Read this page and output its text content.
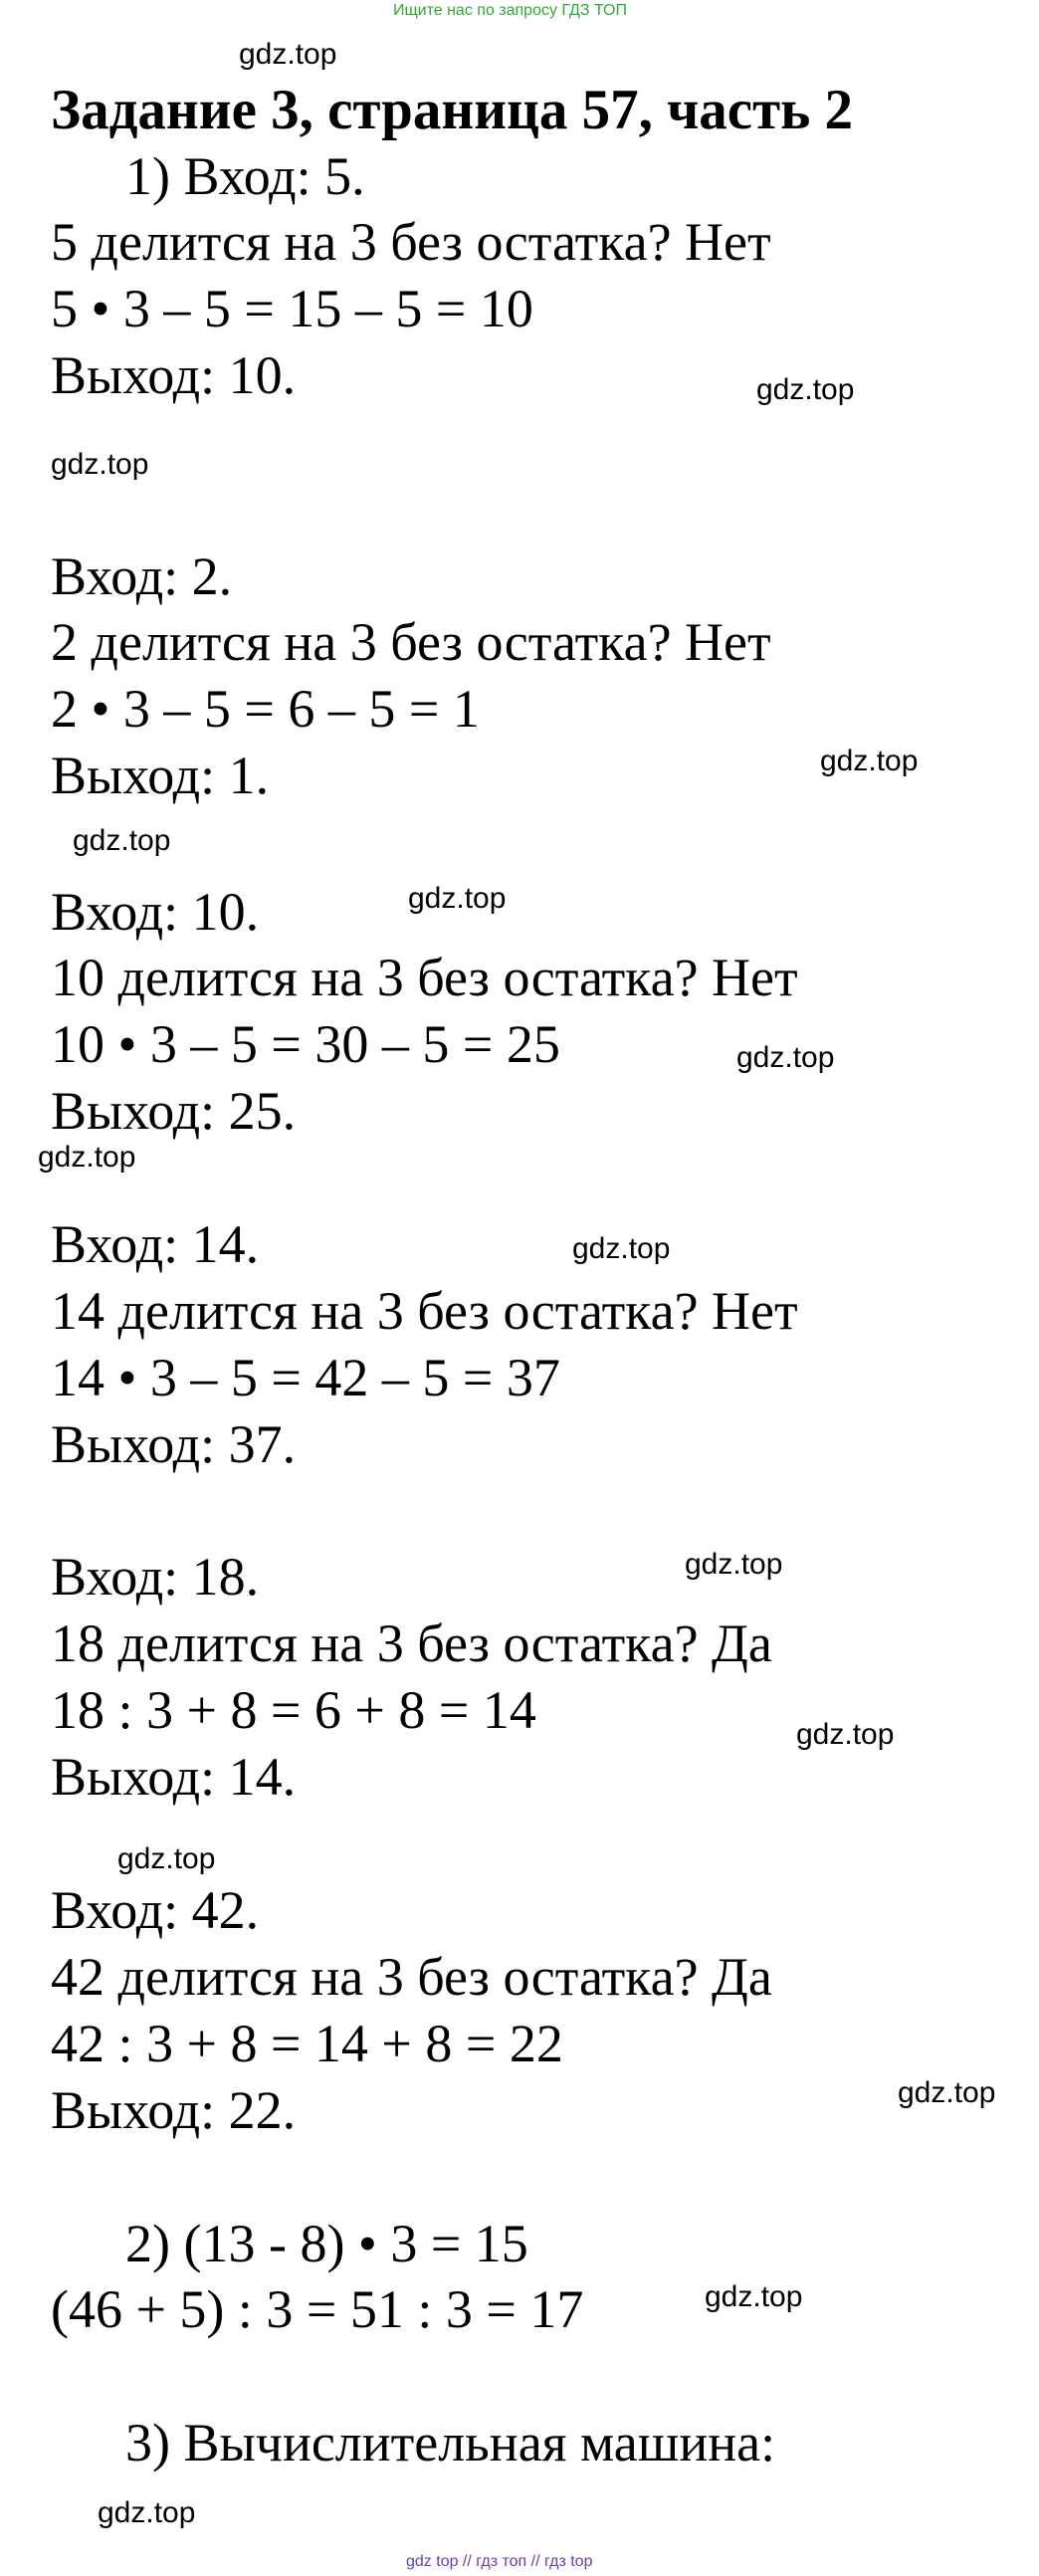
Ищите нас по запросу ГДЗ ТОП
Задание 3, страница 57, часть 2
1) Вход: 5.
5 делится на 3 без остатка? Нет
5 • 3 – 5 = 15 – 5 = 10
Выход: 10.
Вход: 2.
2 делится на 3 без остатка? Нет
2 • 3 – 5 = 6 – 5 = 1
Выход: 1.
Вход: 10.
10 делится на 3 без остатка? Нет
10 • 3 – 5 = 30 – 5 = 25
Выход: 25.
Вход: 14.
14 делится на 3 без остатка? Нет
14 • 3 – 5 = 42 – 5 = 37
Выход: 37.
Вход: 18.
18 делится на 3 без остатка? Да
18 : 3 + 8 = 6 + 8 = 14
Выход: 14.
Вход: 42.
42 делится на 3 без остатка? Да
42 : 3 + 8 = 14 + 8 = 22
Выход: 22.
2) (13 - 8) • 3 = 15
(46 + 5) : 3 = 51 : 3 = 17
3) Вычислительная машина:
gdz.top
gdz.top
gdz.top
gdz.top
gdz.top
gdz.top
gdz.top
gdz.top
gdz.top
gdz.top
gdz.top
gdz.top
gdz.top
gdz.top
gdz.top
gdz top // гдз топ // гдз top
